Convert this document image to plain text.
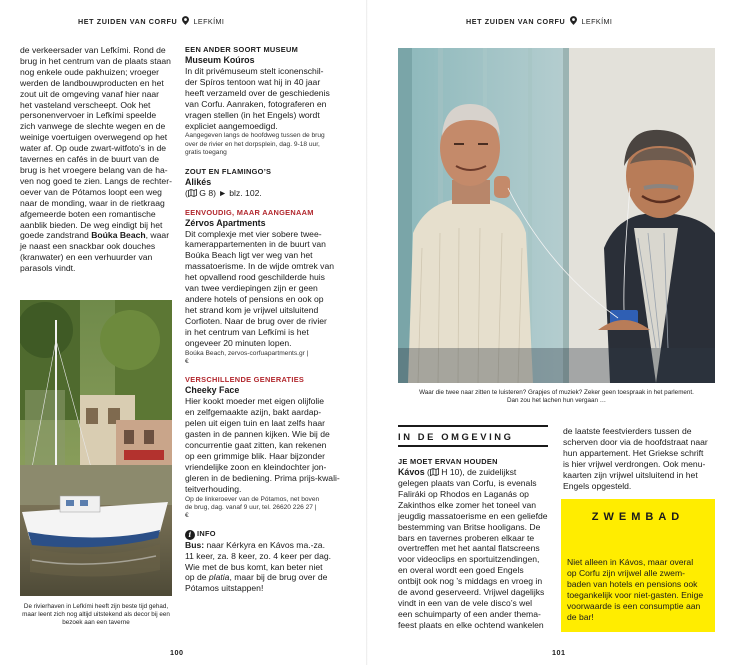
HET ZUIDEN VAN CORFU LEFKÍMI	HET ZUIDEN VAN CORFU LEFKÍMI
de verkeersader van Lefkími. Rond de
brug in het centrum van de plaats staan
nog enkele oude pakhuizen; vroeger
werden de landbouwproducten en het
zout uit de omgeving vanaf hier naar
het vasteland verscheept. Ook het
personenvervoer in Lefkími speelde
zich vanwege de slechte wegen en de
weinige voertuigen overwegend op het
water af. Op oude zwart-witfoto’s in de
tavernes en cafés in de buurt van de
brug is het vroegere belang van de ha-
ven nog goed te zien. Langs de rechter-
oever van de Pótamos loopt een weg
naar de monding, waar in de rietkraag
afgemeerde boten een romantische
aanblik bieden. De weg eindigt bij het
goede zandstrand Boúka Beach, waar
je naast een snackbar ook douches
(kranwater) en een verhuurder van
parasols vindt.
De rivierhaven in Lefkími heeft zijn beste tijd gehad,
maar leent zich nog altijd uitstekend als decor bij een
bezoek aan een taverne
EEN ANDER SOORT MUSEUM
Museum Koúros
In dit privémuseum stelt iconenschil-
der Spíros tentoon wat hij in 40 jaar
heeft verzameld over de geschiedenis
van Corfu. Aanraken, fotograferen en
vragen stellen (in het Engels) wordt
expliciet aangemoedigd.
Aangegeven langs de hoofdweg tussen de brug
over de rivier en het dorpsplein, dag. 9-18 uur,
gratis toegang
ZOUT EN FLAMINGO’S
Alikés
( G 8) ► blz. 102.
EENVOUDIG, MAAR AANGENAAM
Zérvos Apartments
Dit complexje met vier sobere twee-
kamerappartementen in de buurt van
Boúka Beach ligt ver weg van het
massatoerisme. In de wijde omtrek van
het opvallend rood geschilderde huis
van twee verdiepingen zijn er geen
andere hotels of pensions en ook op
het strand kom je vrijwel uitsluitend
Corfioten. Naar de brug over de rivier
in het centrum van Lefkími is het
ongeveer 20 minuten lopen.
Boúka Beach, zervos-corfuapartments.gr |
€
VERSCHILLENDE GENERATIES
Cheeky Face
Hier kookt moeder met eigen olijfolie
en zelfgemaakte azijn, bakt aardap-
pelen uit eigen tuin en laat zelfs haar
gasten in de pannen kijken. Wie bij de
concurrentie gaat zitten, kan rekenen
op een grimmige blik. Haar bijzonder
vriendelijke zoon en kleindochter jon-
gleren in de bediening. Prima prijs-kwali-
teitverhouding.
Op de linkeroever van de Pótamos, net boven
de brug, dag. vanaf 9 uur, tel. 26620 226 27 |
€
i INFO
Bus: naar Kérkyra en Kávos ma.-za.
11 keer, za. 8 keer, zo. 4 keer per dag.
Wie met de bus komt, kan beter niet
op de platia, maar bij de brug over de
Pótamos uitstappen!
100
Waar die twee naar zitten te luisteren? Grapjes of muziek? Zeker geen toespraak in het parlement.
Dan zou het lachen hun vergaan …
IN DE OMGEVING
JE MOET ERVAN HOUDEN
Kávos ( H 10), de zuidelijkst
gelegen plaats van Corfu, is evenals
Faliráki op Rhodos en Laganás op
Zakinthos elke zomer het toneel van
jeugdig massatoerisme en een geliefde
bestemming van Britse hooligans. De
bars en tavernes proberen elkaar te
overtreffen met het aantal flatscreens
voor videoclips en sportuitzendingen,
en overal wordt een goed Engels
ontbijt ook nog ’s middags en vroeg in
de avond geserveerd. Vrijwel dagelijks
vindt in een van de vele disco’s wel
een schuimparty of een ander thema-
feest plaats en elke ochtend wankelen
de laatste feestvierders tussen de
scherven door via de hoofdstraat naar
hun appartement. Het Griekse schrift
is hier vrijwel verdrongen. Ook menu-
kaarten zijn vrijwel uitsluitend in het
Engels opgesteld.
ZWEMBAD
Niet alleen in Kávos, maar overal
op Corfu zijn vrijwel alle zwem-
baden van hotels en pensions ook
toegankelijk voor niet-gasten. Enige
voorwaarde is een consumptie aan
de bar!
101
